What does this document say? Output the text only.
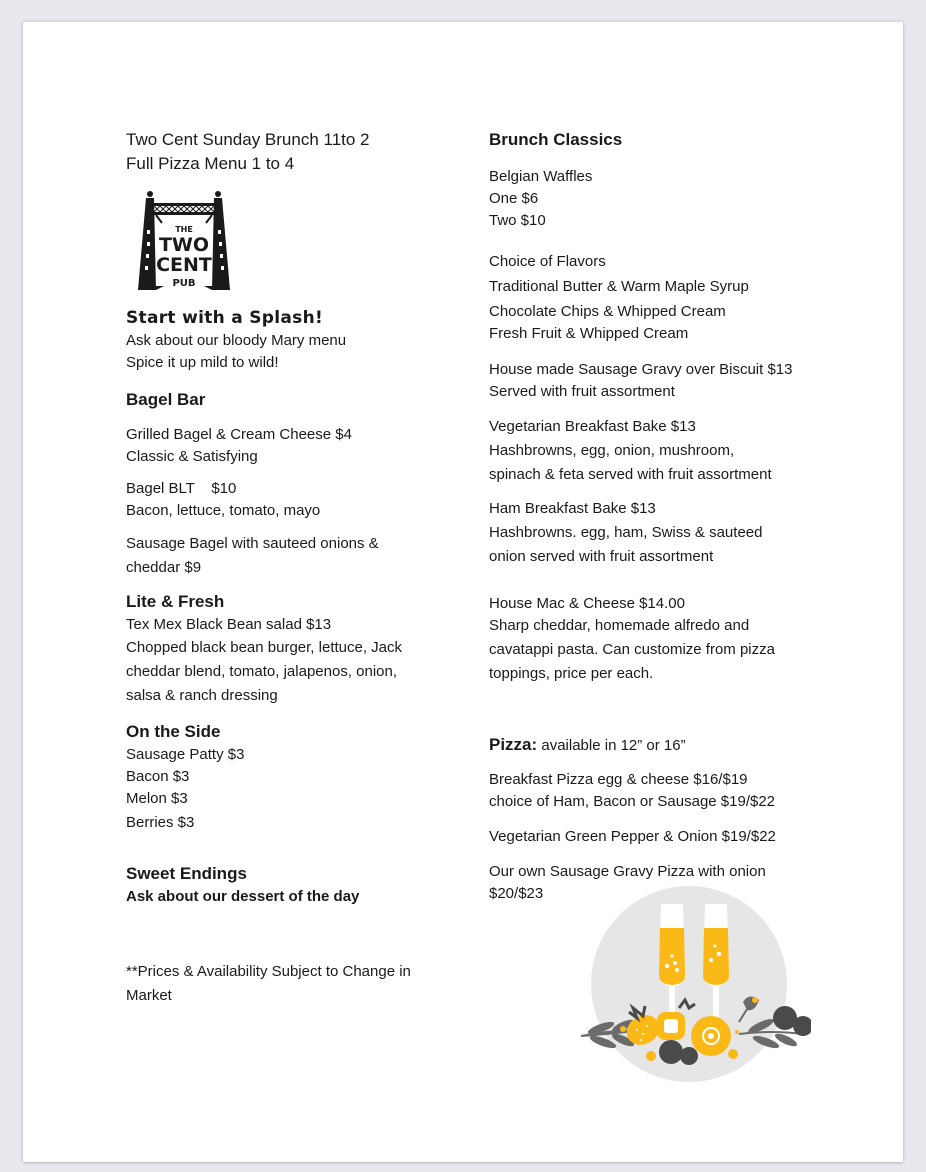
Two Cent Sunday Brunch 11to 2
Full Pizza Menu 1 to 4
THE
TWO
CENT
PUB
Start with a Splash!
Ask about our bloody Mary menu
Spice it up mild to wild!
Bagel Bar
Grilled Bagel & Cream Cheese $4
Classic & Satisfying
Bagel BLT    $10
Bacon, lettuce, tomato, mayo
Sausage Bagel with sauteed onions &
cheddar $9
Lite & Fresh
Tex Mex Black Bean salad $13
Chopped black bean burger, lettuce, Jack
cheddar blend, tomato, jalapenos, onion,
salsa & ranch dressing
On the Side
Sausage Patty $3
Bacon $3
Melon $3
Berries $3
Sweet Endings
Ask about our dessert of the day
**Prices & Availability Subject to Change in
Market
Brunch Classics
Belgian Waffles
One $6
Two $10
Choice of Flavors
Traditional Butter & Warm Maple Syrup
Chocolate Chips & Whipped Cream
Fresh Fruit & Whipped Cream
House made Sausage Gravy over Biscuit $13
Served with fruit assortment
Vegetarian Breakfast Bake $13
Hashbrowns, egg, onion, mushroom,
spinach & feta served with fruit assortment
Ham Breakfast Bake $13
Hashbrowns. egg, ham, Swiss & sauteed
onion served with fruit assortment
House Mac & Cheese $14.00
Sharp cheddar, homemade alfredo and
cavatappi pasta. Can customize from pizza
toppings, price per each.
Pizza: available in 12” or 16”
Breakfast Pizza egg & cheese $16/$19
choice of Ham, Bacon or Sausage $19/$22
Vegetarian Green Pepper & Onion $19/$22
Our own Sausage Gravy Pizza with onion
$20/$23
